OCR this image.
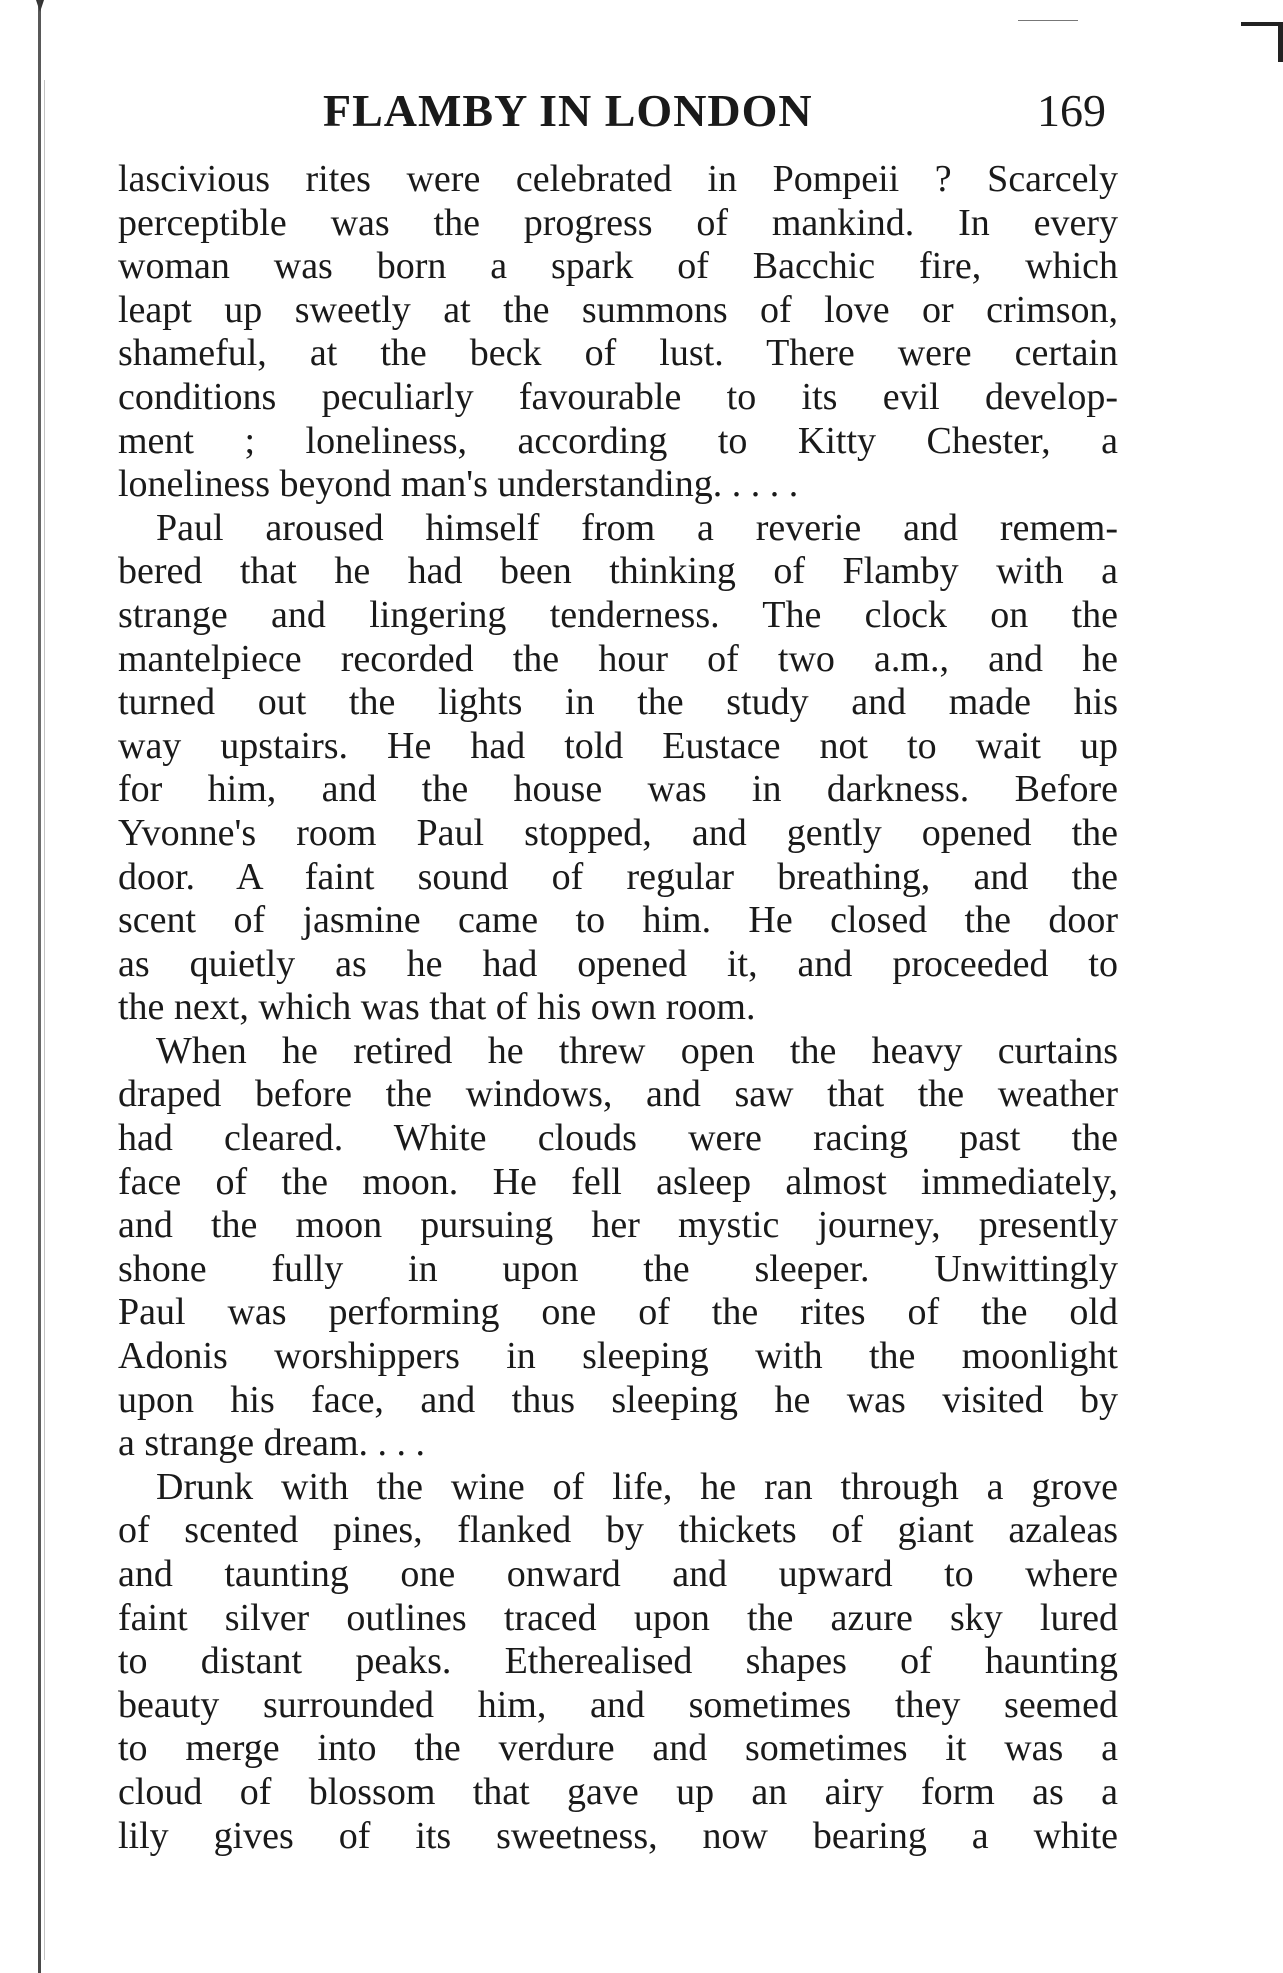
FLAMBY IN LONDON	169
lascivious rites were celebrated in Pompeii ? Scarcely
perceptible was the progress of mankind. In every
woman was born a spark of Bacchic fire, which
leapt up sweetly at the summons of love or crimson,
shameful, at the beck of lust. There were certain
conditions peculiarly favourable to its evil develop-
ment ; loneliness, according to Kitty Chester, a
loneliness beyond man's understanding. . . . .
Paul aroused himself from a reverie and remem-
bered that he had been thinking of Flamby with a
strange and lingering tenderness. The clock on the
mantelpiece recorded the hour of two a.m., and he
turned out the lights in the study and made his
way upstairs. He had told Eustace not to wait up
for him, and the house was in darkness. Before
Yvonne's room Paul stopped, and gently opened the
door. A faint sound of regular breathing, and the
scent of jasmine came to him. He closed the door
as quietly as he had opened it, and proceeded to
the next, which was that of his own room.
When he retired he threw open the heavy curtains
draped before the windows, and saw that the weather
had cleared. White clouds were racing past the
face of the moon. He fell asleep almost immediately,
and the moon pursuing her mystic journey, presently
shone fully in upon the sleeper. Unwittingly
Paul was performing one of the rites of the old
Adonis worshippers in sleeping with the moonlight
upon his face, and thus sleeping he was visited by
a strange dream. . . .
Drunk with the wine of life, he ran through a grove
of scented pines, flanked by thickets of giant azaleas
and taunting one onward and upward to where
faint silver outlines traced upon the azure sky lured
to distant peaks. Etherealised shapes of haunting
beauty surrounded him, and sometimes they seemed
to merge into the verdure and sometimes it was a
cloud of blossom that gave up an airy form as a
lily gives of its sweetness, now bearing a white
